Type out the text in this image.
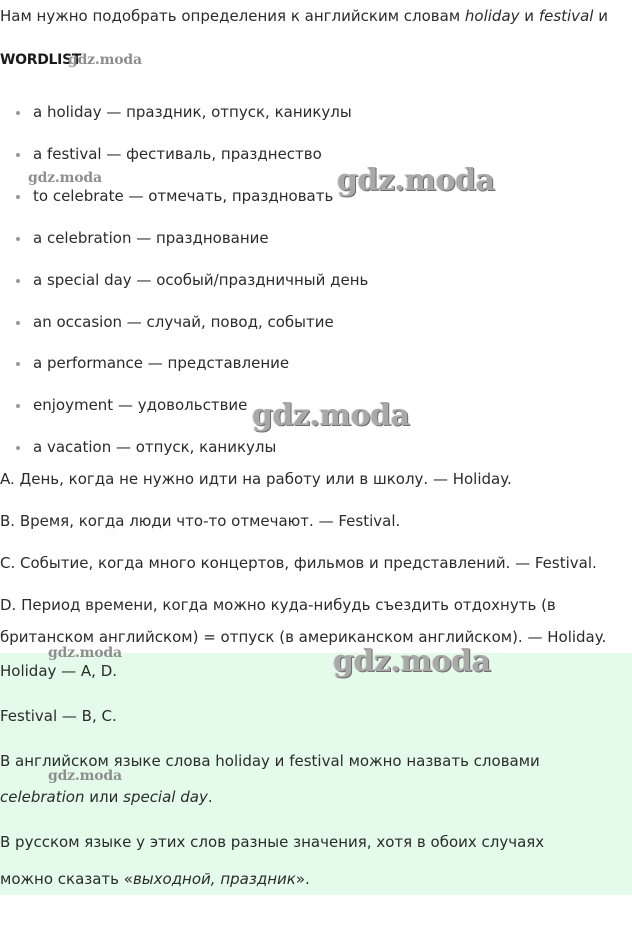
Нам нужно подобрать определения к английским словам holiday и festival и
WORDLIST
gdz.moda
a holiday — праздник, отпуск, каникулы
a festival — фестиваль, празднество
to celebrate — отмечать, праздновать
a celebration — празднование
a special day — особый/праздничный день
an occasion — случай, повод, событие
a performance — представление
enjoyment — удовольствие
a vacation — отпуск, каникулы
gdz.moda	gdz.moda
gdz.moda
A. День, когда не нужно идти на работу или в школу. — Holiday.
B. Время, когда люди что-то отмечают. — Festival.
C. Событие, когда много концертов, фильмов и представлений. — Festival.
D. Период времени, когда можно куда-нибудь съездить отдохнуть (в
британском английском) = отпуск (в американском английском). — Holiday.
gdz.moda	gdz.moda
Holiday — A, D.
Festival — B, C.
В английском языке слова holiday и festival можно назвать словами
gdz.moda
celebration или special day.
В русском языке у этих слов разные значения, хотя в обоих случаях
можно сказать «выходной, праздник».
